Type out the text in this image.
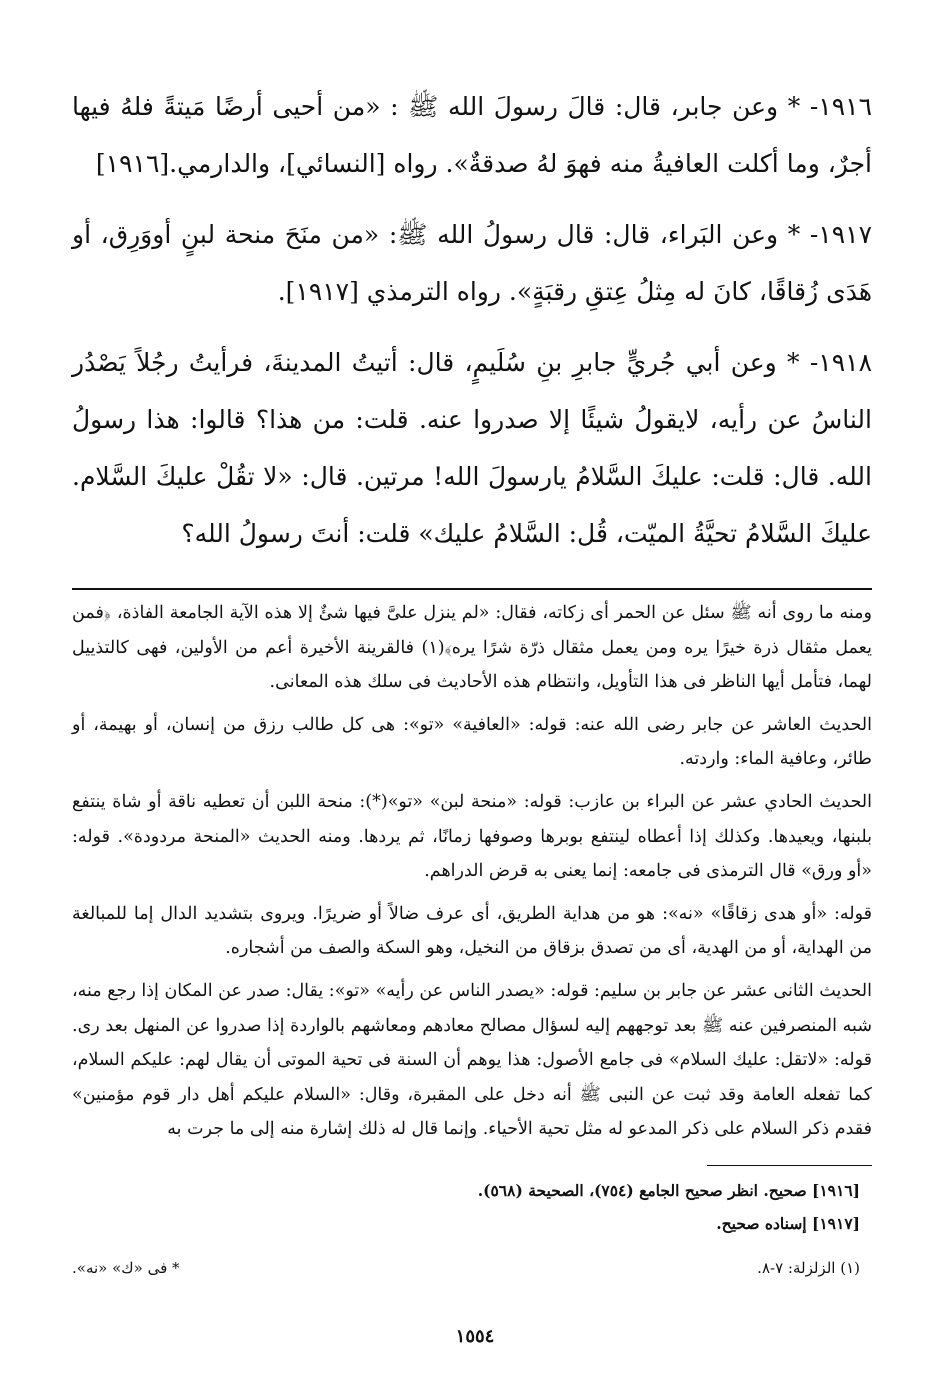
١٩١٦- * وعن جابر، قال: قالَ رسولَ الله ﷺ : «من أحيى أرضًا مَيتةً فلهُ فيها أجرٌ، وما أكلت العافيةُ منه فهوَ لهُ صدقةٌ». رواه [النسائي]، والدارمي.[١٩١٦]

١٩١٧- * وعن البَراء، قال: قال رسولُ الله ﷺ: «من منَحَ منحة لبنٍ أووَرِق، أو هَدَى زُقاقًا، كانَ له مِثلُ عِتقِ رقبَةٍ». رواه الترمذي [١٩١٧].

١٩١٨- * وعن أبي جُريٍّ جابرِ بنِ سُلَيمٍ، قال: أتيتُ المدينةَ، فرأيتُ رجُلاً يَصْدُر الناسُ عن رأيه، لايقولُ شيئًا إلا صدروا عنه. قلت: من هذا؟ قالوا: هذا رسولُ الله. قال: قلت: عليكَ السَّلامُ يارسولَ الله! مرتين. قال: «لا تقُلْ عليكَ السَّلام. عليكَ السَّلامُ تحيَّةُ الميّت، قُل: السَّلامُ عليك» قلت: أنتَ رسولُ الله؟

ومنه ما روى أنه ﷺ سئل عن الحمر أى زكاته، فقال: «لم ينزل علىَّ فيها شئٌ إلا هذه الآية الجامعة الفاذة، ﴿فمن يعمل مثقال ذرة خيرًا يره ومن يعمل مثقال ذرّة شرًا يره﴾(١) فالقرينة الأخيرة أعم من الأولين، فهى كالتذييل لهما، فتأمل أيها الناظر فى هذا التأويل، وانتظام هذه الأحاديث فى سلك هذه المعانى.

الحديث العاشر عن جابر رضى الله عنه: قوله: «العافية» «تو»: هى كل طالب رزق من إنسان، أو بهيمة، أو طائر، وعافية الماء: واردته.

الحديث الحادي عشر عن البراء بن عازب: قوله: «منحة لبن» «تو»(*): منحة اللبن أن تعطيه ناقة أو شاة ينتفع بلبنها، ويعيدها. وكذلك إذا أعطاه لينتفع بوبرها وصوفها زمانًا، ثم يردها. ومنه الحديث «المنحة مردودة». قوله: «أو ورق» قال الترمذى فى جامعه: إنما يعنى به قرض الدراهم.

قوله: «أو هدى زقاقًا» «نه»: هو من هداية الطريق، أى عرف ضالاً أو ضريرًا. ويروى بتشديد الدال إما للمبالغة من الهداية، أو من الهدية، أى من تصدق بزقاق من النخيل، وهو السكة والصف من أشجاره.

الحديث الثانى عشر عن جابر بن سليم: قوله: «يصدر الناس عن رأيه» «تو»: يقال: صدر عن المكان إذا رجع منه، شبه المنصرفين عنه ﷺ بعد توجههم إليه لسؤال مصالح معادهم ومعاشهم بالواردة إذا صدروا عن المنهل بعد رى. قوله: «لاتقل: عليك السلام» فى جامع الأصول: هذا يوهم أن السنة فى تحية الموتى أن يقال لهم: عليكم السلام، كما تفعله العامة وقد ثبت عن النبى ﷺ أنه دخل على المقبرة، وقال: «السلام عليكم أهل دار قوم مؤمنين» فقدم ذكر السلام على ذكر المدعو له مثل تحية الأحياء. وإنما قال له ذلك إشارة منه إلى ما جرت به

[١٩١٦] صحيح. انظر صحيح الجامع (٧٥٤)، الصحيحة (٥٦٨).

[١٩١٧] إسناده صحيح.

(١) الزلزلة: ٧-٨.
* فى «ك» «نه».
١٥٥٤
